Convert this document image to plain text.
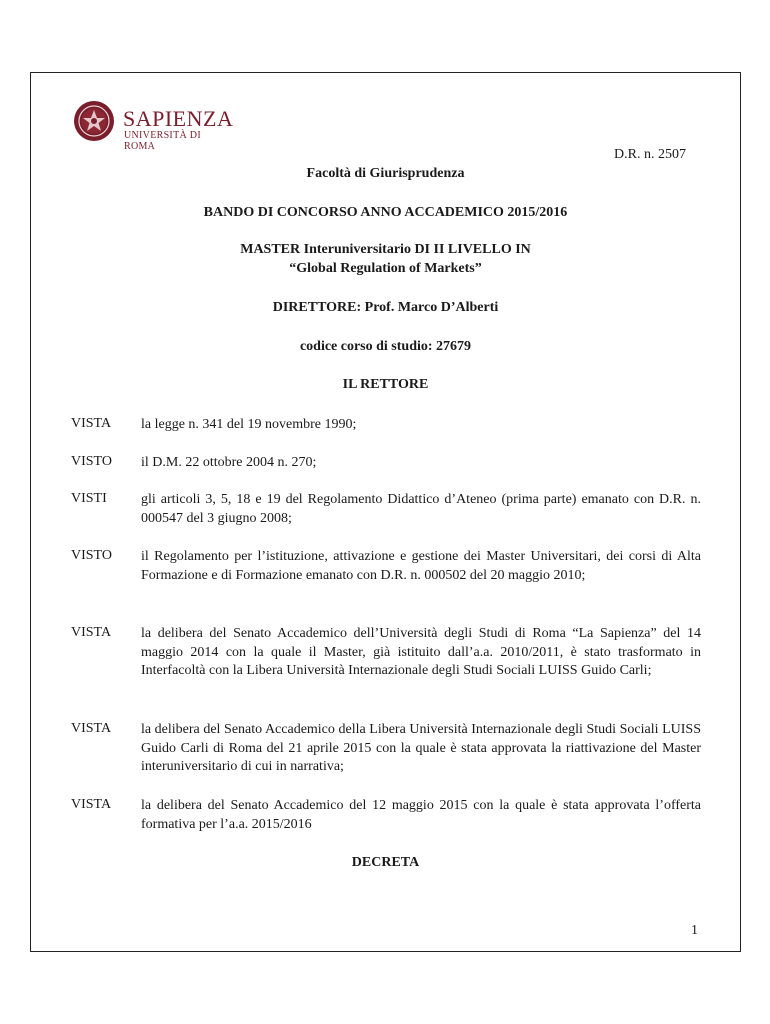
SAPIENZA
UNIVERSITÀ DI ROMA
D.R. n. 2507
Facoltà di Giurisprudenza
BANDO DI CONCORSO ANNO ACCADEMICO 2015/2016
MASTER Interuniversitario DI II LIVELLO IN
“Global Regulation of Markets”
DIRETTORE: Prof. Marco D’Alberti
codice corso di studio: 27679
IL RETTORE
VISTA la legge n. 341 del 19 novembre 1990;
VISTO il D.M. 22 ottobre 2004 n. 270;
VISTI gli articoli 3, 5, 18 e 19 del Regolamento Didattico d’Ateneo (prima parte) emanato con D.R. n. 000547 del 3 giugno 2008;
VISTO il Regolamento per l’istituzione, attivazione e gestione dei Master Universitari, dei corsi di Alta Formazione e di Formazione emanato con D.R. n. 000502 del 20 maggio 2010;
VISTA la delibera del Senato Accademico dell’Università degli Studi di Roma “La Sapienza” del 14 maggio 2014 con la quale il Master, già istituito dall’a.a. 2010/2011, è stato trasformato in Interfacoltà con la Libera Università Internazionale degli Studi Sociali LUISS Guido Carli;
VISTA la delibera del Senato Accademico della Libera Università Internazionale degli Studi Sociali LUISS Guido Carli di Roma del 21 aprile 2015 con la quale è stata approvata la riattivazione del Master interuniversitario di cui in narrativa;
VISTA la delibera del Senato Accademico del 12 maggio 2015 con la quale è stata approvata l’offerta formativa per l’a.a. 2015/2016
DECRETA
1
